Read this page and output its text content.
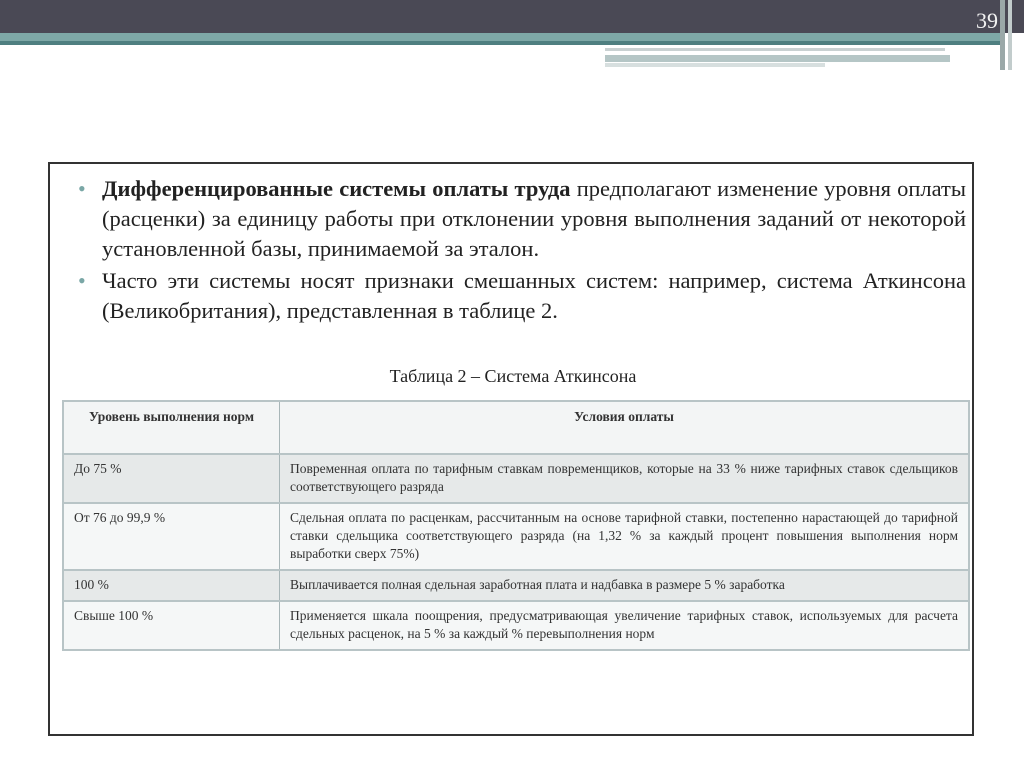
39
• Дифференцированные системы оплаты труда предполагают изменение уровня оплаты (расценки) за единицу работы при отклонении уровня выполнения заданий от некоторой установленной базы, принимаемой за эталон.
• Часто эти системы носят признаки смешанных систем: например, система Аткинсона (Великобритания), представленная в таблице 2.
Таблица 2 – Система Аткинсона
Уровень выполнения норм	Условия оплаты
До 75 %	Повременная оплата по тарифным ставкам повременщиков, которые на 33 % ниже тарифных ставок сдельщиков соответствующего разряда
От 76 до 99,9 %	Сдельная оплата по расценкам, рассчитанным на основе тарифной ставки, постепенно нарастающей до тарифной ставки сдельщика соответствующего разряда (на 1,32 % за каждый процент повышения выполнения норм выработки сверх 75%)
100 %	Выплачивается полная сдельная заработная плата и надбавка в размере 5 % заработка
Свыше 100 %	Применяется шкала поощрения, предусматривающая увеличение тарифных ставок, используемых для расчета сдельных расценок, на 5 % за каждый % перевыполнения норм
